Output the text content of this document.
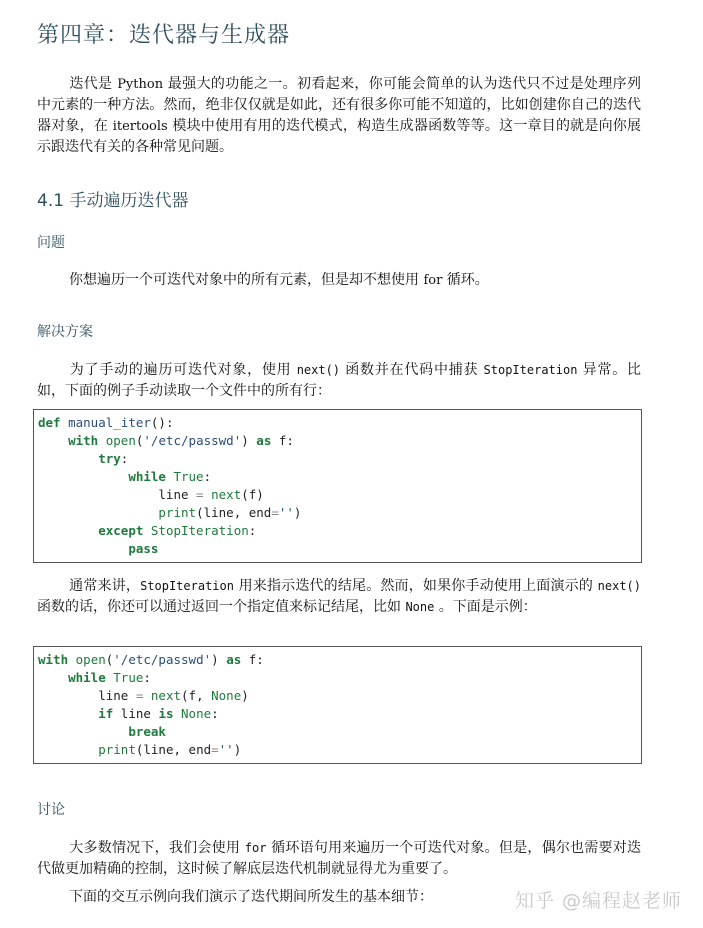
第四章：迭代器与生成器
迭代是 Python 最强大的功能之一。初看起来，你可能会简单的认为迭代只不过是处理序列中元素的一种方法。然而，绝非仅仅就是如此，还有很多你可能不知道的，比如创建你自己的迭代器对象，在 itertools 模块中使用有用的迭代模式，构造生成器函数等等。这一章目的就是向你展示跟迭代有关的各种常见问题。
4.1 手动遍历迭代器
问题
你想遍历一个可迭代对象中的所有元素，但是却不想使用 for 循环。
解决方案
为了手动的遍历可迭代对象，使用 next() 函数并在代码中捕获 StopIteration 异常。比如，下面的例子手动读取一个文件中的所有行：
def manual_iter():
with open('/etc/passwd') as f:
try:
while True:
line = next(f)
print(line, end='')
except StopIteration:
pass
通常来讲，StopIteration 用来指示迭代的结尾。然而，如果你手动使用上面演示的 next() 函数的话，你还可以通过返回一个指定值来标记结尾，比如 None 。下面是示例：
with open('/etc/passwd') as f:
while True:
line = next(f, None)
if line is None:
break
print(line, end='')
讨论
大多数情况下，我们会使用 for 循环语句用来遍历一个可迭代对象。但是，偶尔也需要对迭代做更加精确的控制，这时候了解底层迭代机制就显得尤为重要了。
下面的交互示例向我们演示了迭代期间所发生的基本细节：	知乎 @编程赵老师
